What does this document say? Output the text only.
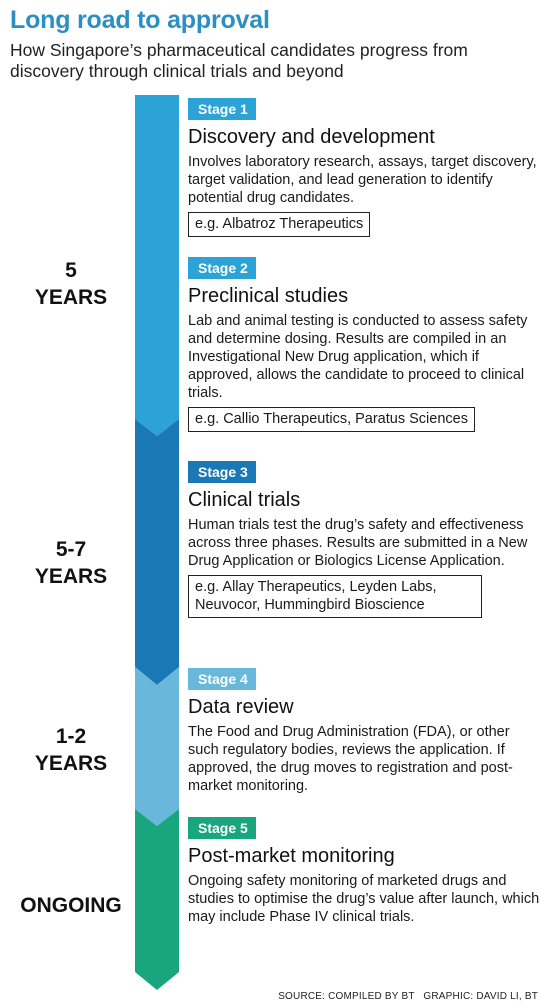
Long road to approval
How Singapore’s pharmaceutical candidates progress from discovery through clinical trials and beyond
5
YEARS
5-7
YEARS
1-2
YEARS
ONGOING
Stage 1
Discovery and development
Involves laboratory research, assays, target discovery, target validation, and lead generation to identify potential drug candidates.
e.g. Albatroz Therapeutics
Stage 2
Preclinical studies
Lab and animal testing is conducted to assess safety and determine dosing. Results are compiled in an Investigational New Drug application, which if approved, allows the candidate to proceed to clinical trials.
e.g. Callio Therapeutics, Paratus Sciences
Stage 3
Clinical trials
Human trials test the drug’s safety and effectiveness across three phases. Results are submitted in a New Drug Application or Biologics License Application.
e.g. Allay Therapeutics, Leyden Labs, Neuvocor, Hummingbird Bioscience
Stage 4
Data review
The Food and Drug Administration (FDA), or other such regulatory bodies, reviews the application. If approved, the drug moves to registration and post-market monitoring.
Stage 5
Post-market monitoring
Ongoing safety monitoring of marketed drugs and studies to optimise the drug’s value after launch, which may include Phase IV clinical trials.
SOURCE: COMPILED BY BT   GRAPHIC: DAVID LI, BT
